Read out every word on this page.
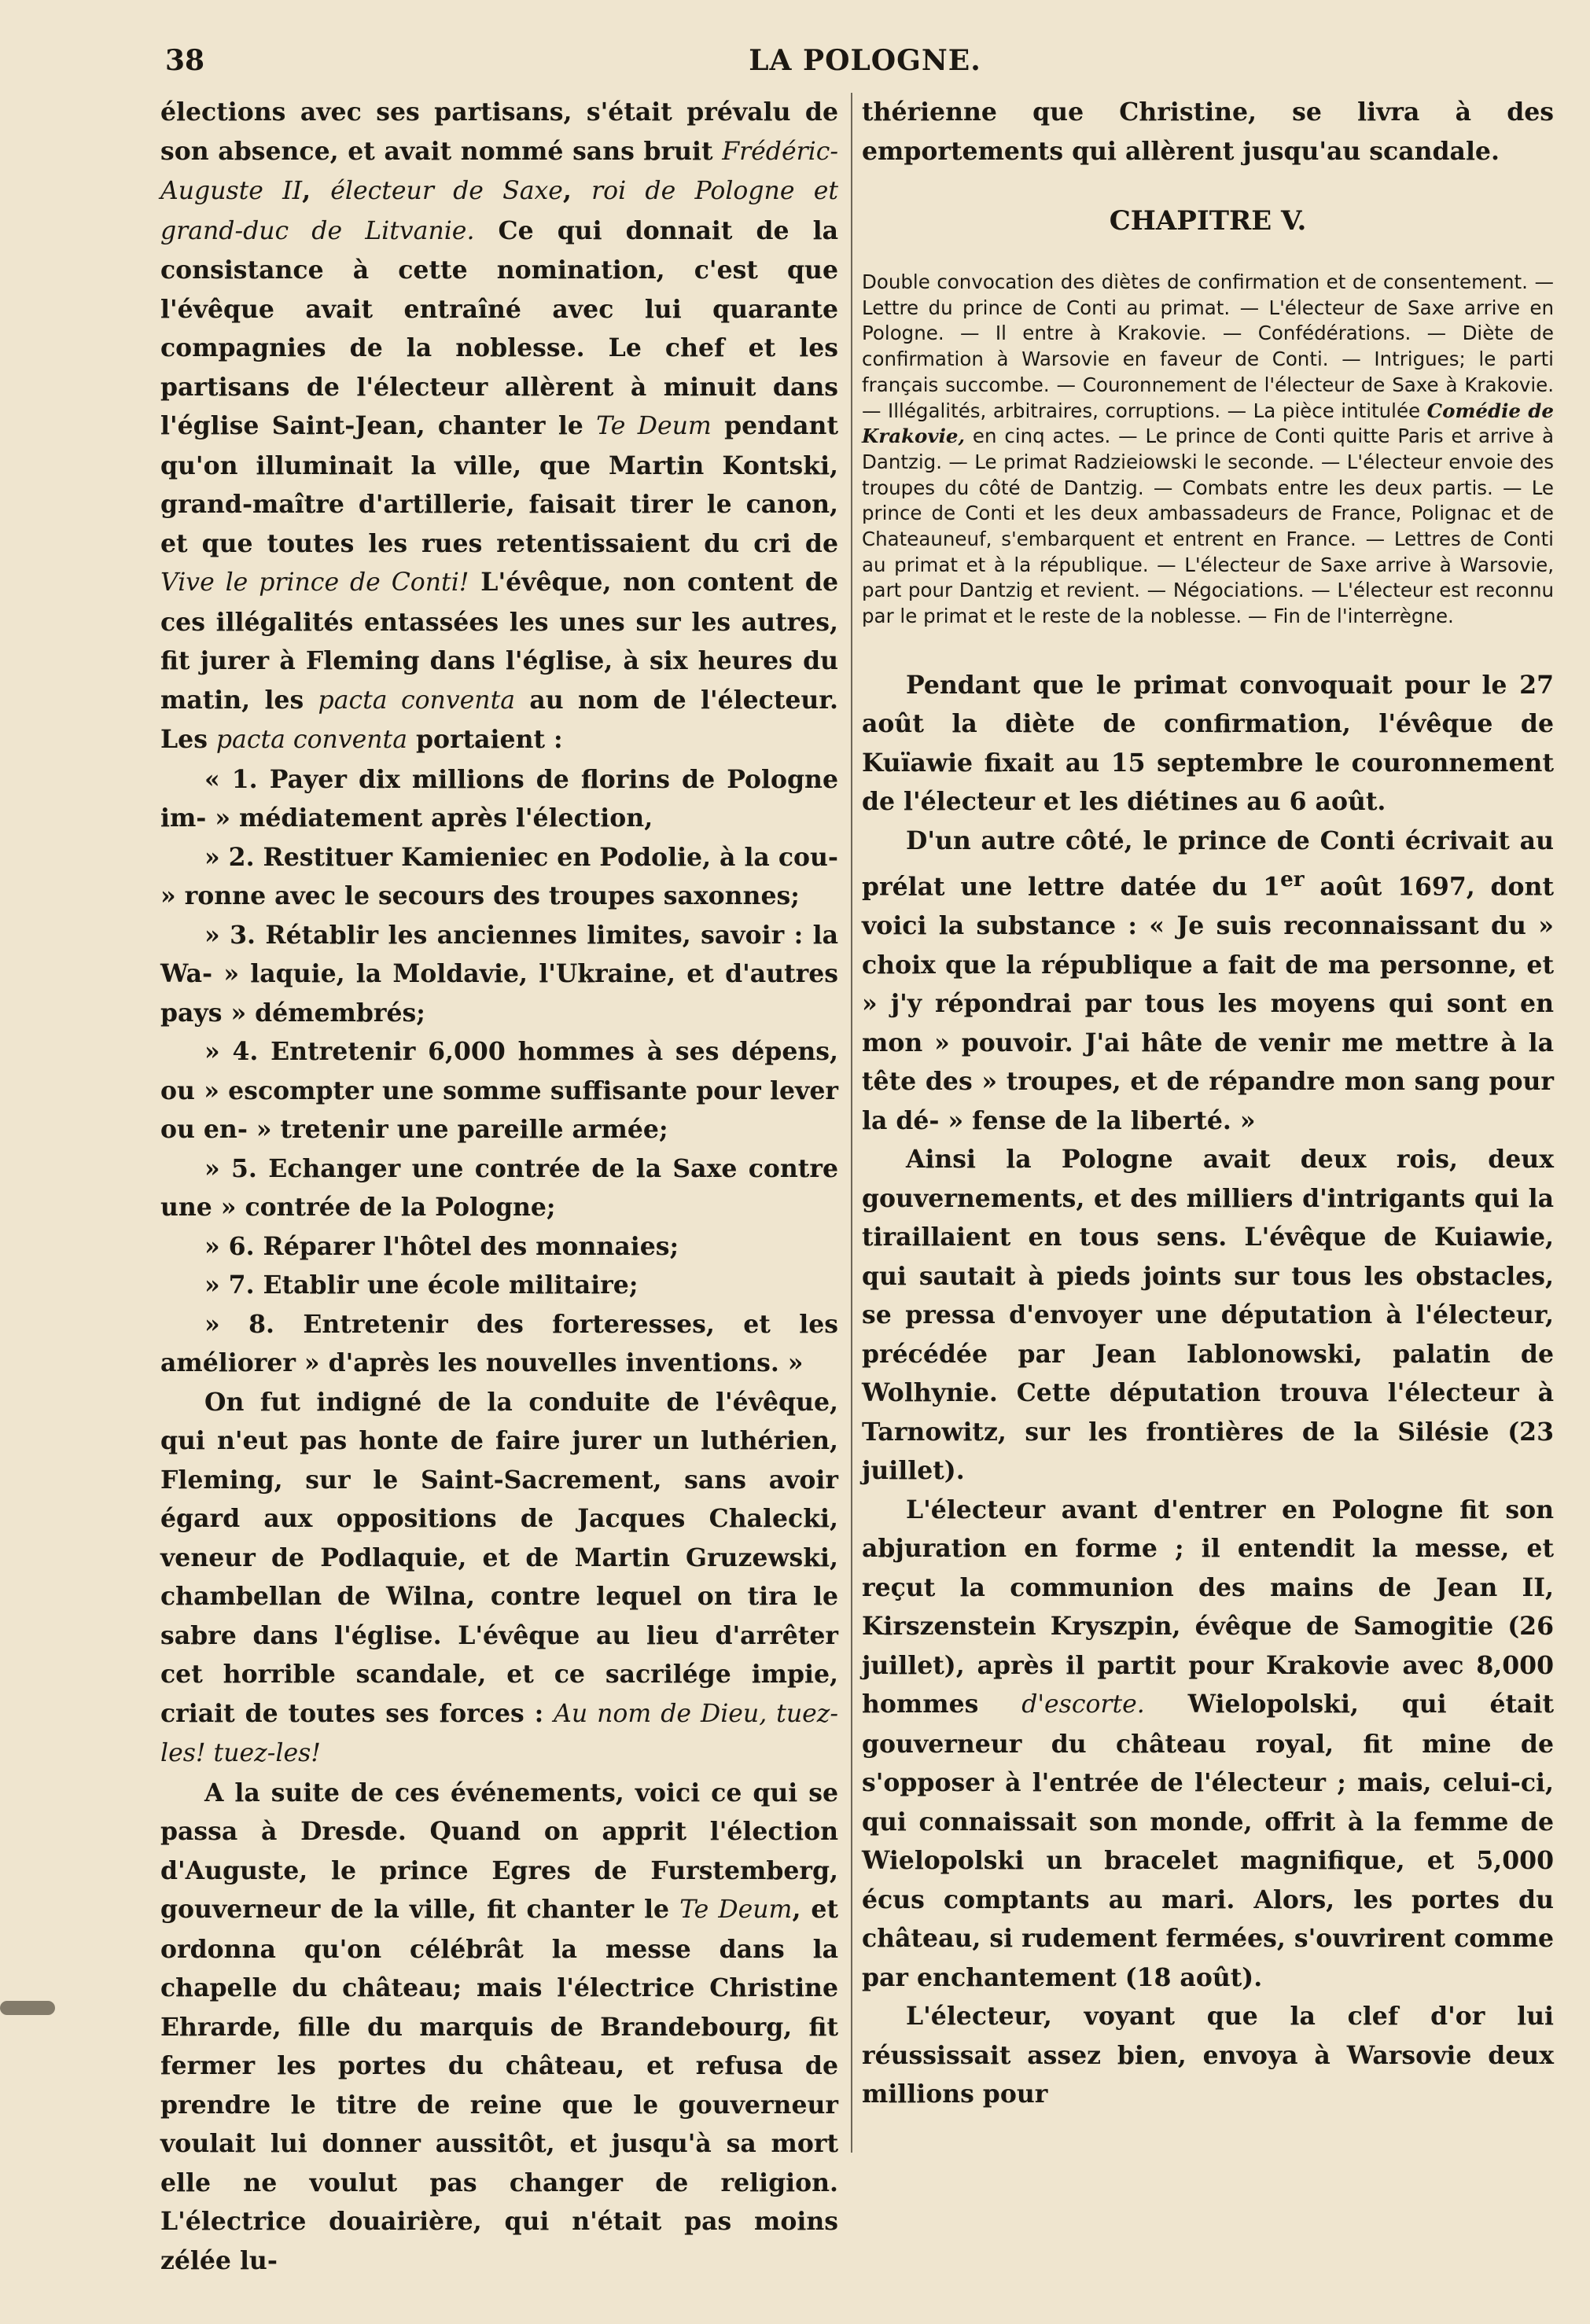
38	LA POLOGNE.

élections avec ses partisans, s'était prévalu de son absence, et avait nommé sans bruit Frédéric-Auguste II, électeur de Saxe, roi de Pologne et grand-duc de Litvanie. Ce qui donnait de la consistance à cette nomination, c'est que l'évêque avait entraîné avec lui quarante compagnies de la noblesse. Le chef et les partisans de l'électeur allèrent à minuit dans l'église Saint-Jean, chanter le Te Deum pendant qu'on illuminait la ville, que Martin Kontski, grand-maître d'artillerie, faisait tirer le canon, et que toutes les rues retentissaient du cri de Vive le prince de Conti! L'évêque, non content de ces illégalités entassées les unes sur les autres, fit jurer à Fleming dans l'église, à six heures du matin, les pacta conventa au nom de l'électeur. Les pacta conventa portaient :

« 1. Payer dix millions de florins de Pologne im- » médiatement après l'élection,

» 2. Restituer Kamieniec en Podolie, à la cou- » ronne avec le secours des troupes saxonnes;

» 3. Rétablir les anciennes limites, savoir : la Wa- » laquie, la Moldavie, l'Ukraine, et d'autres pays » démembrés;

» 4. Entretenir 6,000 hommes à ses dépens, ou » escompter une somme suffisante pour lever ou en- » tretenir une pareille armée;

» 5. Echanger une contrée de la Saxe contre une » contrée de la Pologne;

» 6. Réparer l'hôtel des monnaies;

» 7. Etablir une école militaire;

» 8. Entretenir des forteresses, et les améliorer » d'après les nouvelles inventions. »

On fut indigné de la conduite de l'évêque, qui n'eut pas honte de faire jurer un luthérien, Fleming, sur le Saint-Sacrement, sans avoir égard aux oppositions de Jacques Chalecki, veneur de Podlaquie, et de Martin Gruzewski, chambellan de Wilna, contre lequel on tira le sabre dans l'église. L'évêque au lieu d'arrêter cet horrible scandale, et ce sacrilége impie, criait de toutes ses forces : Au nom de Dieu, tuez-les! tuez-les!

A la suite de ces événements, voici ce qui se passa à Dresde. Quand on apprit l'élection d'Auguste, le prince Egres de Furstemberg, gouverneur de la ville, fit chanter le Te Deum, et ordonna qu'on célébrât la messe dans la chapelle du château; mais l'électrice Christine Ehrarde, fille du marquis de Brandebourg, fit fermer les portes du château, et refusa de prendre le titre de reine que le gouverneur voulait lui donner aussitôt, et jusqu'à sa mort elle ne voulut pas changer de religion. L'électrice douairière, qui n'était pas moins zélée lu-

thérienne que Christine, se livra à des emportements qui allèrent jusqu'au scandale.

CHAPITRE V.

Double convocation des diètes de confirmation et de consentement. — Lettre du prince de Conti au primat. — L'électeur de Saxe arrive en Pologne. — Il entre à Krakovie. — Confédérations. — Diète de confirmation à Warsovie en faveur de Conti. — Intrigues; le parti français succombe. — Couronnement de l'électeur de Saxe à Krakovie. — Illégalités, arbitraires, corruptions. — La pièce intitulée Comédie de Krakovie, en cinq actes. — Le prince de Conti quitte Paris et arrive à Dantzig. — Le primat Radzieiowski le seconde. — L'électeur envoie des troupes du côté de Dantzig. — Combats entre les deux partis. — Le prince de Conti et les deux ambassadeurs de France, Polignac et de Chateauneuf, s'embarquent et entrent en France. — Lettres de Conti au primat et à la république. — L'électeur de Saxe arrive à Warsovie, part pour Dantzig et revient. — Négociations. — L'électeur est reconnu par le primat et le reste de la noblesse. — Fin de l'interrègne.

Pendant que le primat convoquait pour le 27 août la diète de confirmation, l'évêque de Kuïawie fixait au 15 septembre le couronnement de l'électeur et les diétines au 6 août.

D'un autre côté, le prince de Conti écrivait au prélat une lettre datée du 1er août 1697, dont voici la substance : « Je suis reconnaissant du » choix que la république a fait de ma personne, et » j'y répondrai par tous les moyens qui sont en mon » pouvoir. J'ai hâte de venir me mettre à la tête des » troupes, et de répandre mon sang pour la dé- » fense de la liberté. »

Ainsi la Pologne avait deux rois, deux gouvernements, et des milliers d'intrigants qui la tiraillaient en tous sens. L'évêque de Kuiawie, qui sautait à pieds joints sur tous les obstacles, se pressa d'envoyer une députation à l'électeur, précédée par Jean Iablonowski, palatin de Wolhynie. Cette députation trouva l'électeur à Tarnowitz, sur les frontières de la Silésie (23 juillet).

L'électeur avant d'entrer en Pologne fit son abjuration en forme ; il entendit la messe, et reçut la communion des mains de Jean II, Kirszenstein Kryszpin, évêque de Samogitie (26 juillet), après il partit pour Krakovie avec 8,000 hommes d'escorte. Wielopolski, qui était gouverneur du château royal, fit mine de s'opposer à l'entrée de l'électeur ; mais, celui-ci, qui connaissait son monde, offrit à la femme de Wielopolski un bracelet magnifique, et 5,000 écus comptants au mari. Alors, les portes du château, si rudement fermées, s'ouvrirent comme par enchantement (18 août).

L'électeur, voyant que la clef d'or lui réussissait assez bien, envoya à Warsovie deux millions pour
